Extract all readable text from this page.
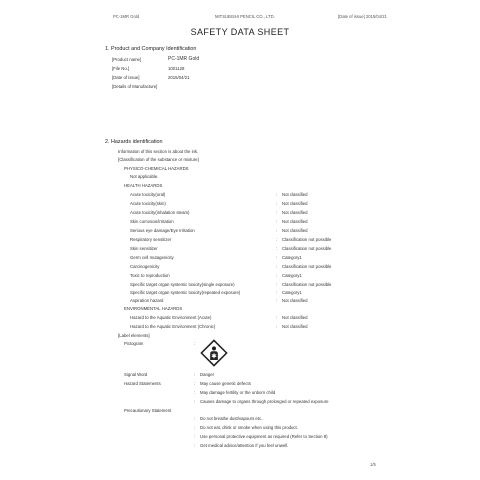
PC-1MR Gold	MITSUBISHI PENCIL CO., LTD.	[Date of issue] 2015/04/21
SAFETY DATA SHEET
1. Product and Company Identification
[Product name]	PC-1MR Gold
[File No.]	1001128
[Date of issue]	2015/04/21
[Details of Manufacture]
2. Hazards identification
Information of this section is about the ink.
[Classification of the substance or mixture]
PHYSICO-CHEMICAL HAZARDS
Not applicable.
HEALTH HAZARDS
Acute toxicity(oral)	: Not classified
Acute toxicity(skin)	: Not classified
Acute toxicity(inhalation steam)	: Not classified
Skin corrosion/irritation	: Not classified
Serious eye damage/Eye Irritation	: Not classified
Respiratory sensitizer	: Classification not possible
Skin sensitizer	: Classification not possible
Germ cell mutagenicity	: Category1
Carcinogenicity	: Classification not possible
Toxic to reproduction	: Category1
Specific target organ systemic toxicity(single exposure)	: Classification not possible
Specific target organ systemic toxicity(repeated exposure)	: Category1
Aspiration hazard	: Not classified
ENVIRONMENTAL HAZARDS
Hazard to the Aquatic Environment (Acute)	: Not classified
Hazard to the Aquatic Environment (Chronic)	: Not classified
[Label elements]
Pictogram	:
Signal Word	: Danger
Hazard Statements	: May cause genetic defects
: May damage fertility or the unborn child
: Causes damage to organs through prolonged or repeated exposure
Precautionary Statement
: Do not breathe dust/vapours etc..
: Do not eat, drink or smoke when using this product.
: Use personal protective equipment as required (Refer to Section 8)
: Get medical advice/attention if you feel unwell.
1/5
